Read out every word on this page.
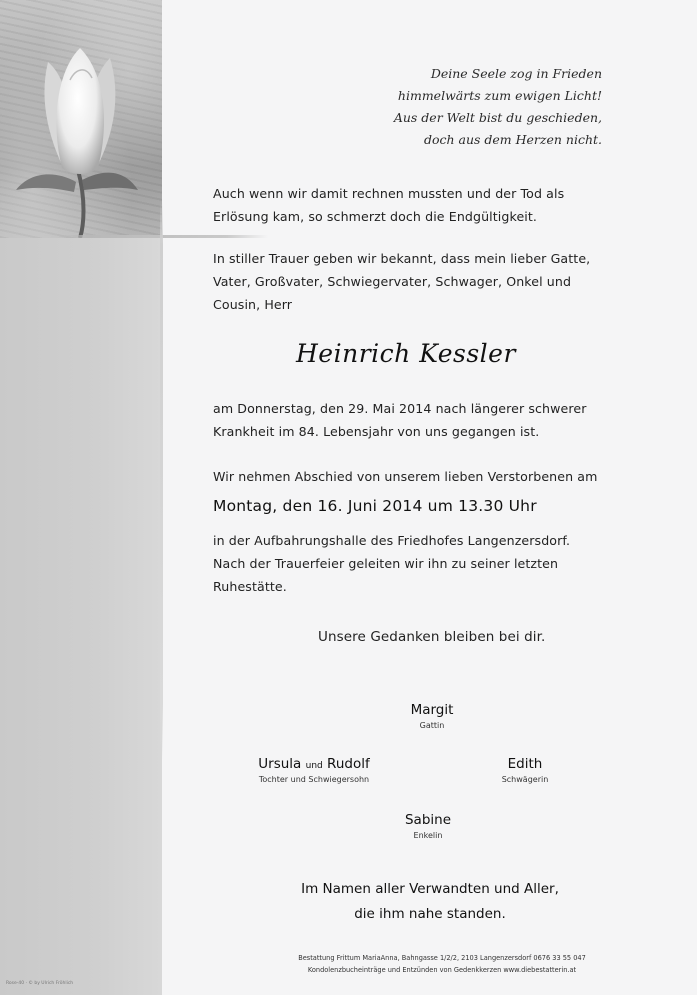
Deine Seele zog in Frieden
himmelwärts zum ewigen Licht!
Aus der Welt bist du geschieden,
doch aus dem Herzen nicht.
Auch wenn wir damit rechnen mussten und der Tod als
Erlösung kam, so schmerzt doch die Endgültigkeit.
In stiller Trauer geben wir bekannt, dass mein lieber Gatte,
Vater, Großvater, Schwiegervater, Schwager, Onkel und
Cousin, Herr
Heinrich Kessler
am Donnerstag, den 29. Mai 2014 nach längerer schwerer
Krankheit im 84. Lebensjahr von uns gegangen ist.
Wir nehmen Abschied von unserem lieben Verstorbenen am
Montag, den 16. Juni 2014 um 13.30 Uhr
in der Aufbahrungshalle des Friedhofes Langenzersdorf.
Nach der Trauerfeier geleiten wir ihn zu seiner letzten
Ruhestätte.
Unsere Gedanken bleiben bei dir.
Margit
Gattin
Ursula und Rudolf
Tochter und Schwiegersohn
Edith
Schwägerin
Sabine
Enkelin
Im Namen aller Verwandten und Aller,
die ihm nahe standen.
Bestattung Frittum MariaAnna, Bahngasse 1/2/2, 2103 Langenzersdorf 0676 33 55 047
Kondolenzbucheinträge und Entzünden von Gedenkkerzen www.diebestatterin.at
Rose-40 · © by Ulrich Fröhlich
